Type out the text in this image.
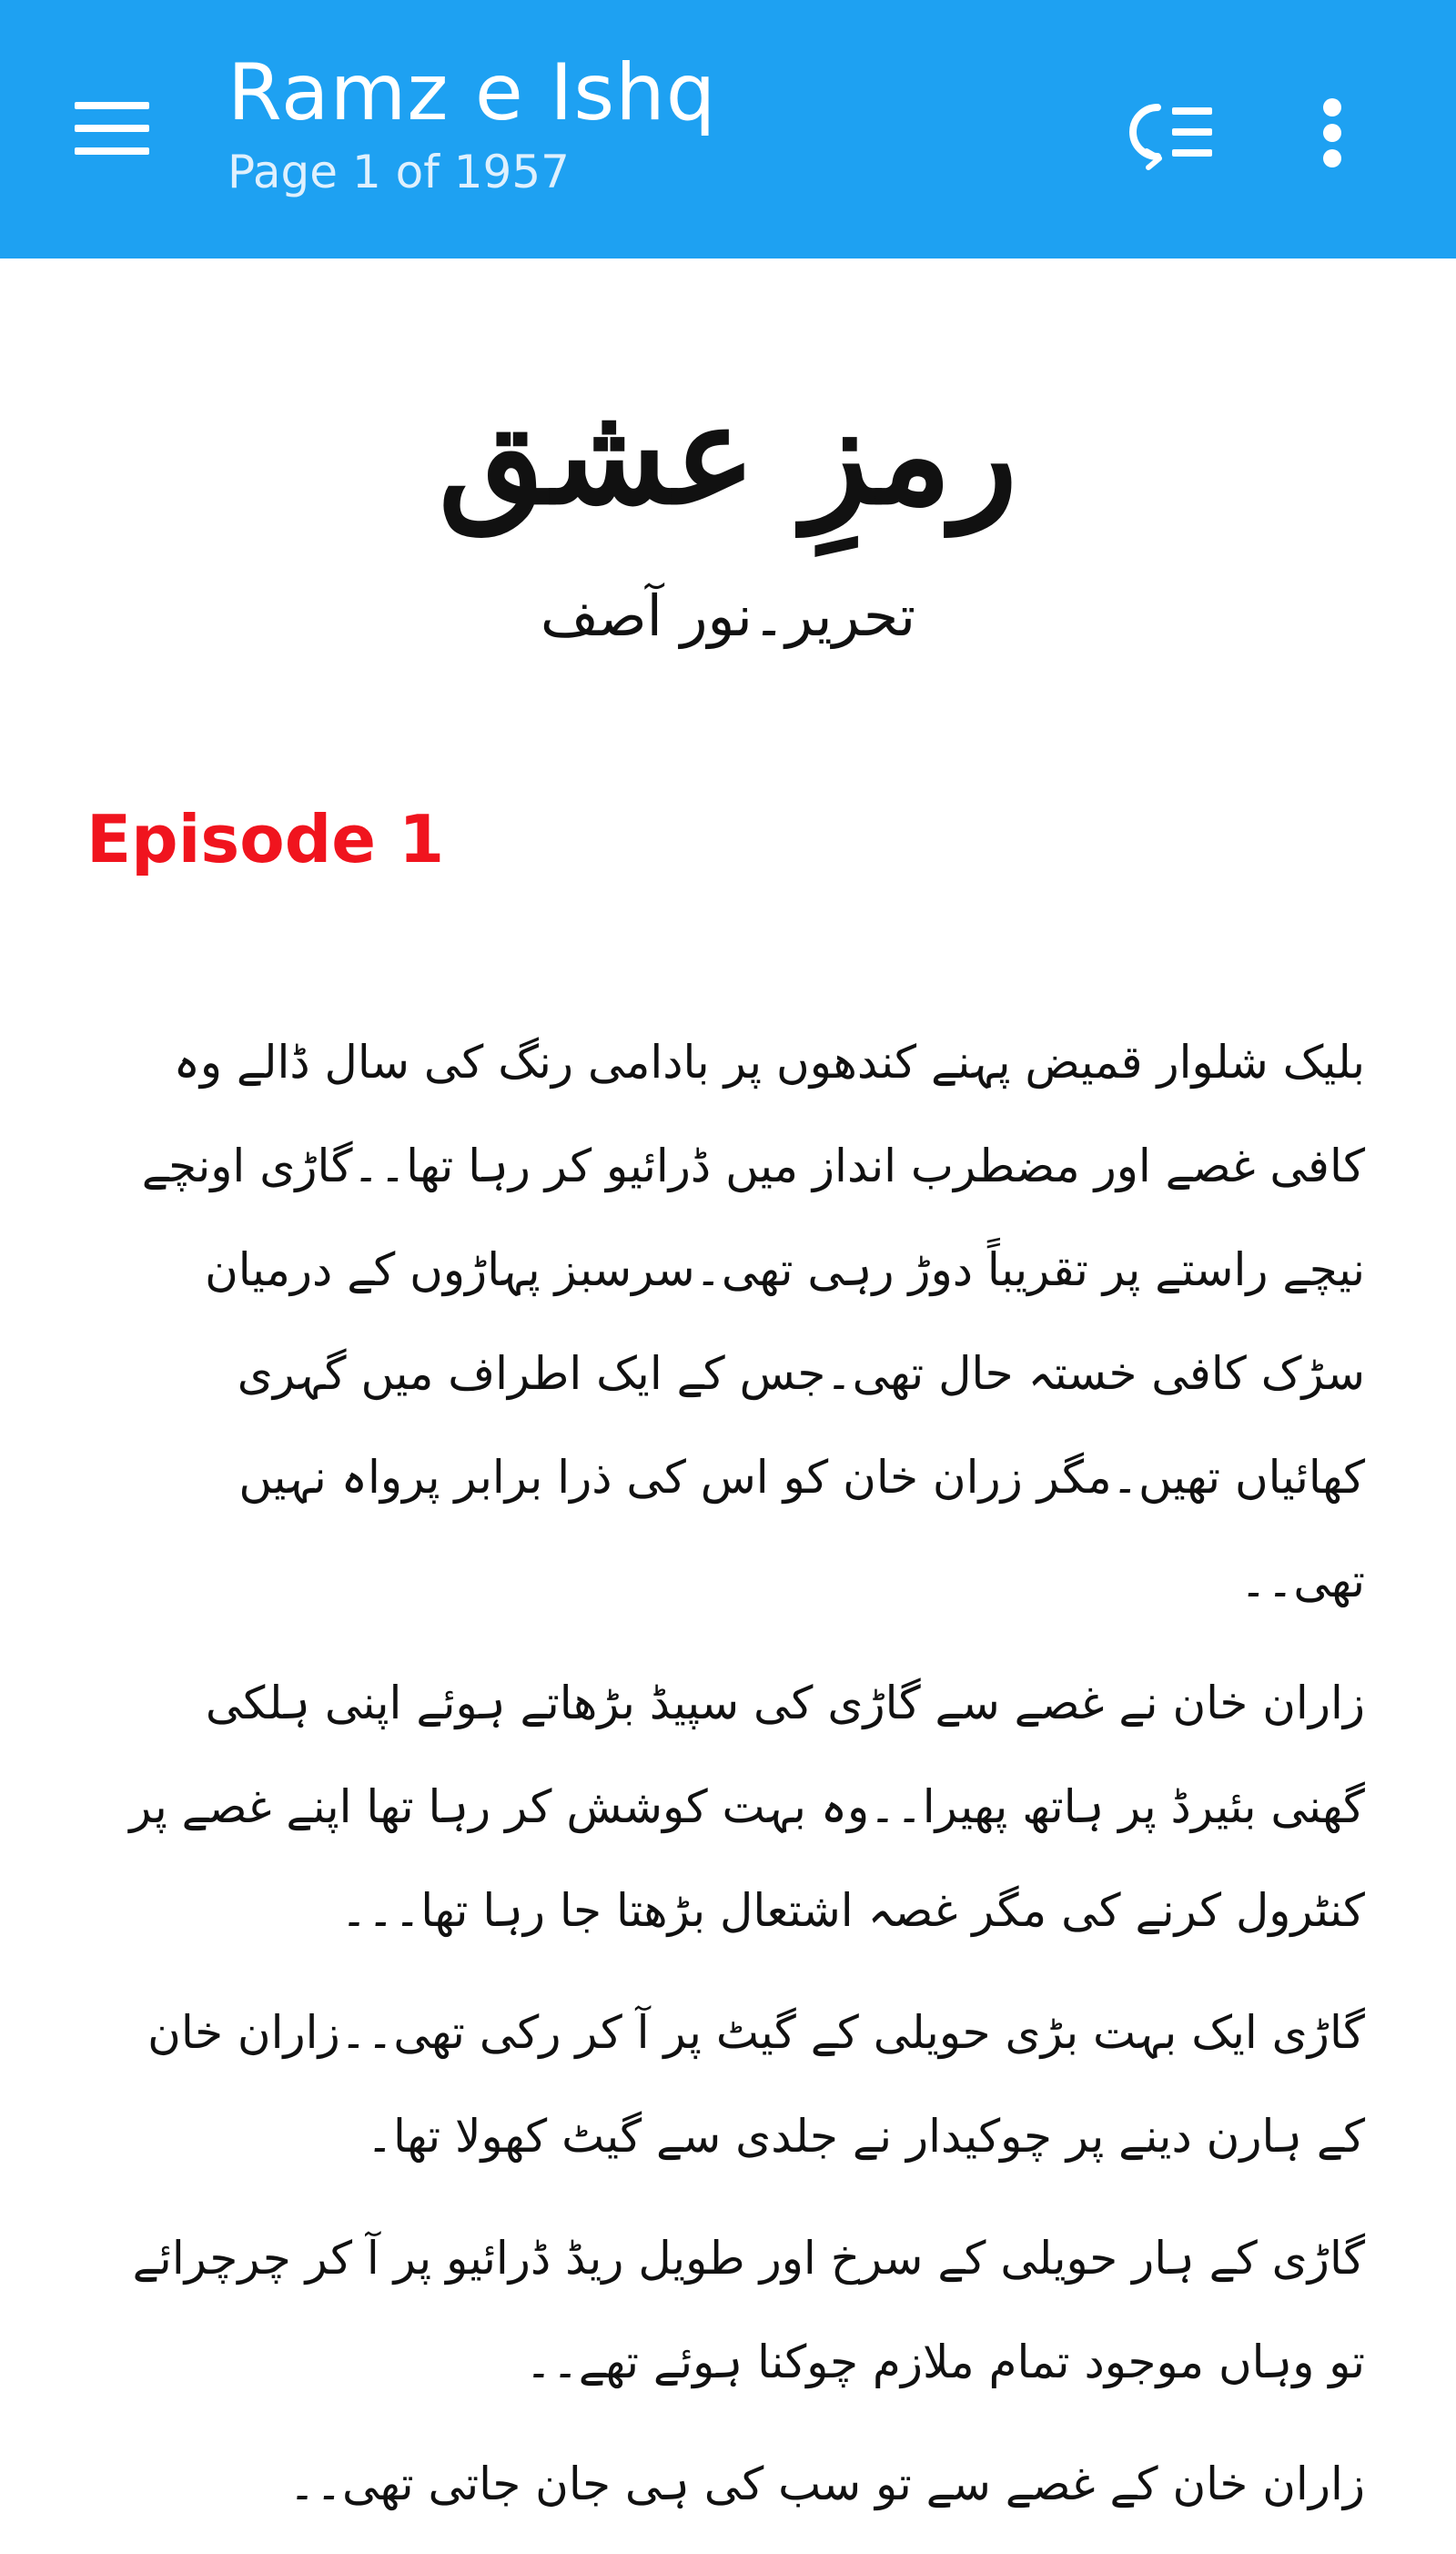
Ramz e Ishq
Page 1 of 1957
رمزِ عشق
تحریر۔نور آصف
Episode 1

بلیک شلوار قمیض پہنے کندھوں پر بادامی رنگ کی سال ڈالے وہ کافی غصے اور مضطرب انداز میں ڈرائیو کر رہا تھا۔۔گاڑی اونچے نیچے راستے پر تقریباً دوڑ رہی تھی۔سرسبز پہاڑوں کے درمیان سڑک کافی خستہ حال تھی۔جس کے ایک اطراف میں گہری کھائیاں تھیں۔مگر زران خان کو اس کی ذرا برابر پرواہ نہیں تھی۔۔

زاران خان نے غصے سے گاڑی کی سپیڈ بڑھاتے ہوئے اپنی ہلکی گھنی بئیرڈ پر ہاتھ پھیرا۔۔وہ بہت کوشش کر رہا تھا اپنے غصے پر کنٹرول کرنے کی مگر غصہ اشتعال بڑھتا جا رہا تھا۔۔۔

گاڑی ایک بہت بڑی حویلی کے گیٹ پر آ کر رکی تھی۔۔زاران خان کے ہارن دینے پر چوکیدار نے جلدی سے گیٹ کھولا تھا۔

گاڑی کے ہار حویلی کے سرخ اور طویل ریڈ ڈرائیو پر آ کر چرچرائے تو وہاں موجود تمام ملازم چوکنا ہوئے تھے۔۔

زاران خان کے غصے سے تو سب کی ہی جان جاتی تھی۔۔
